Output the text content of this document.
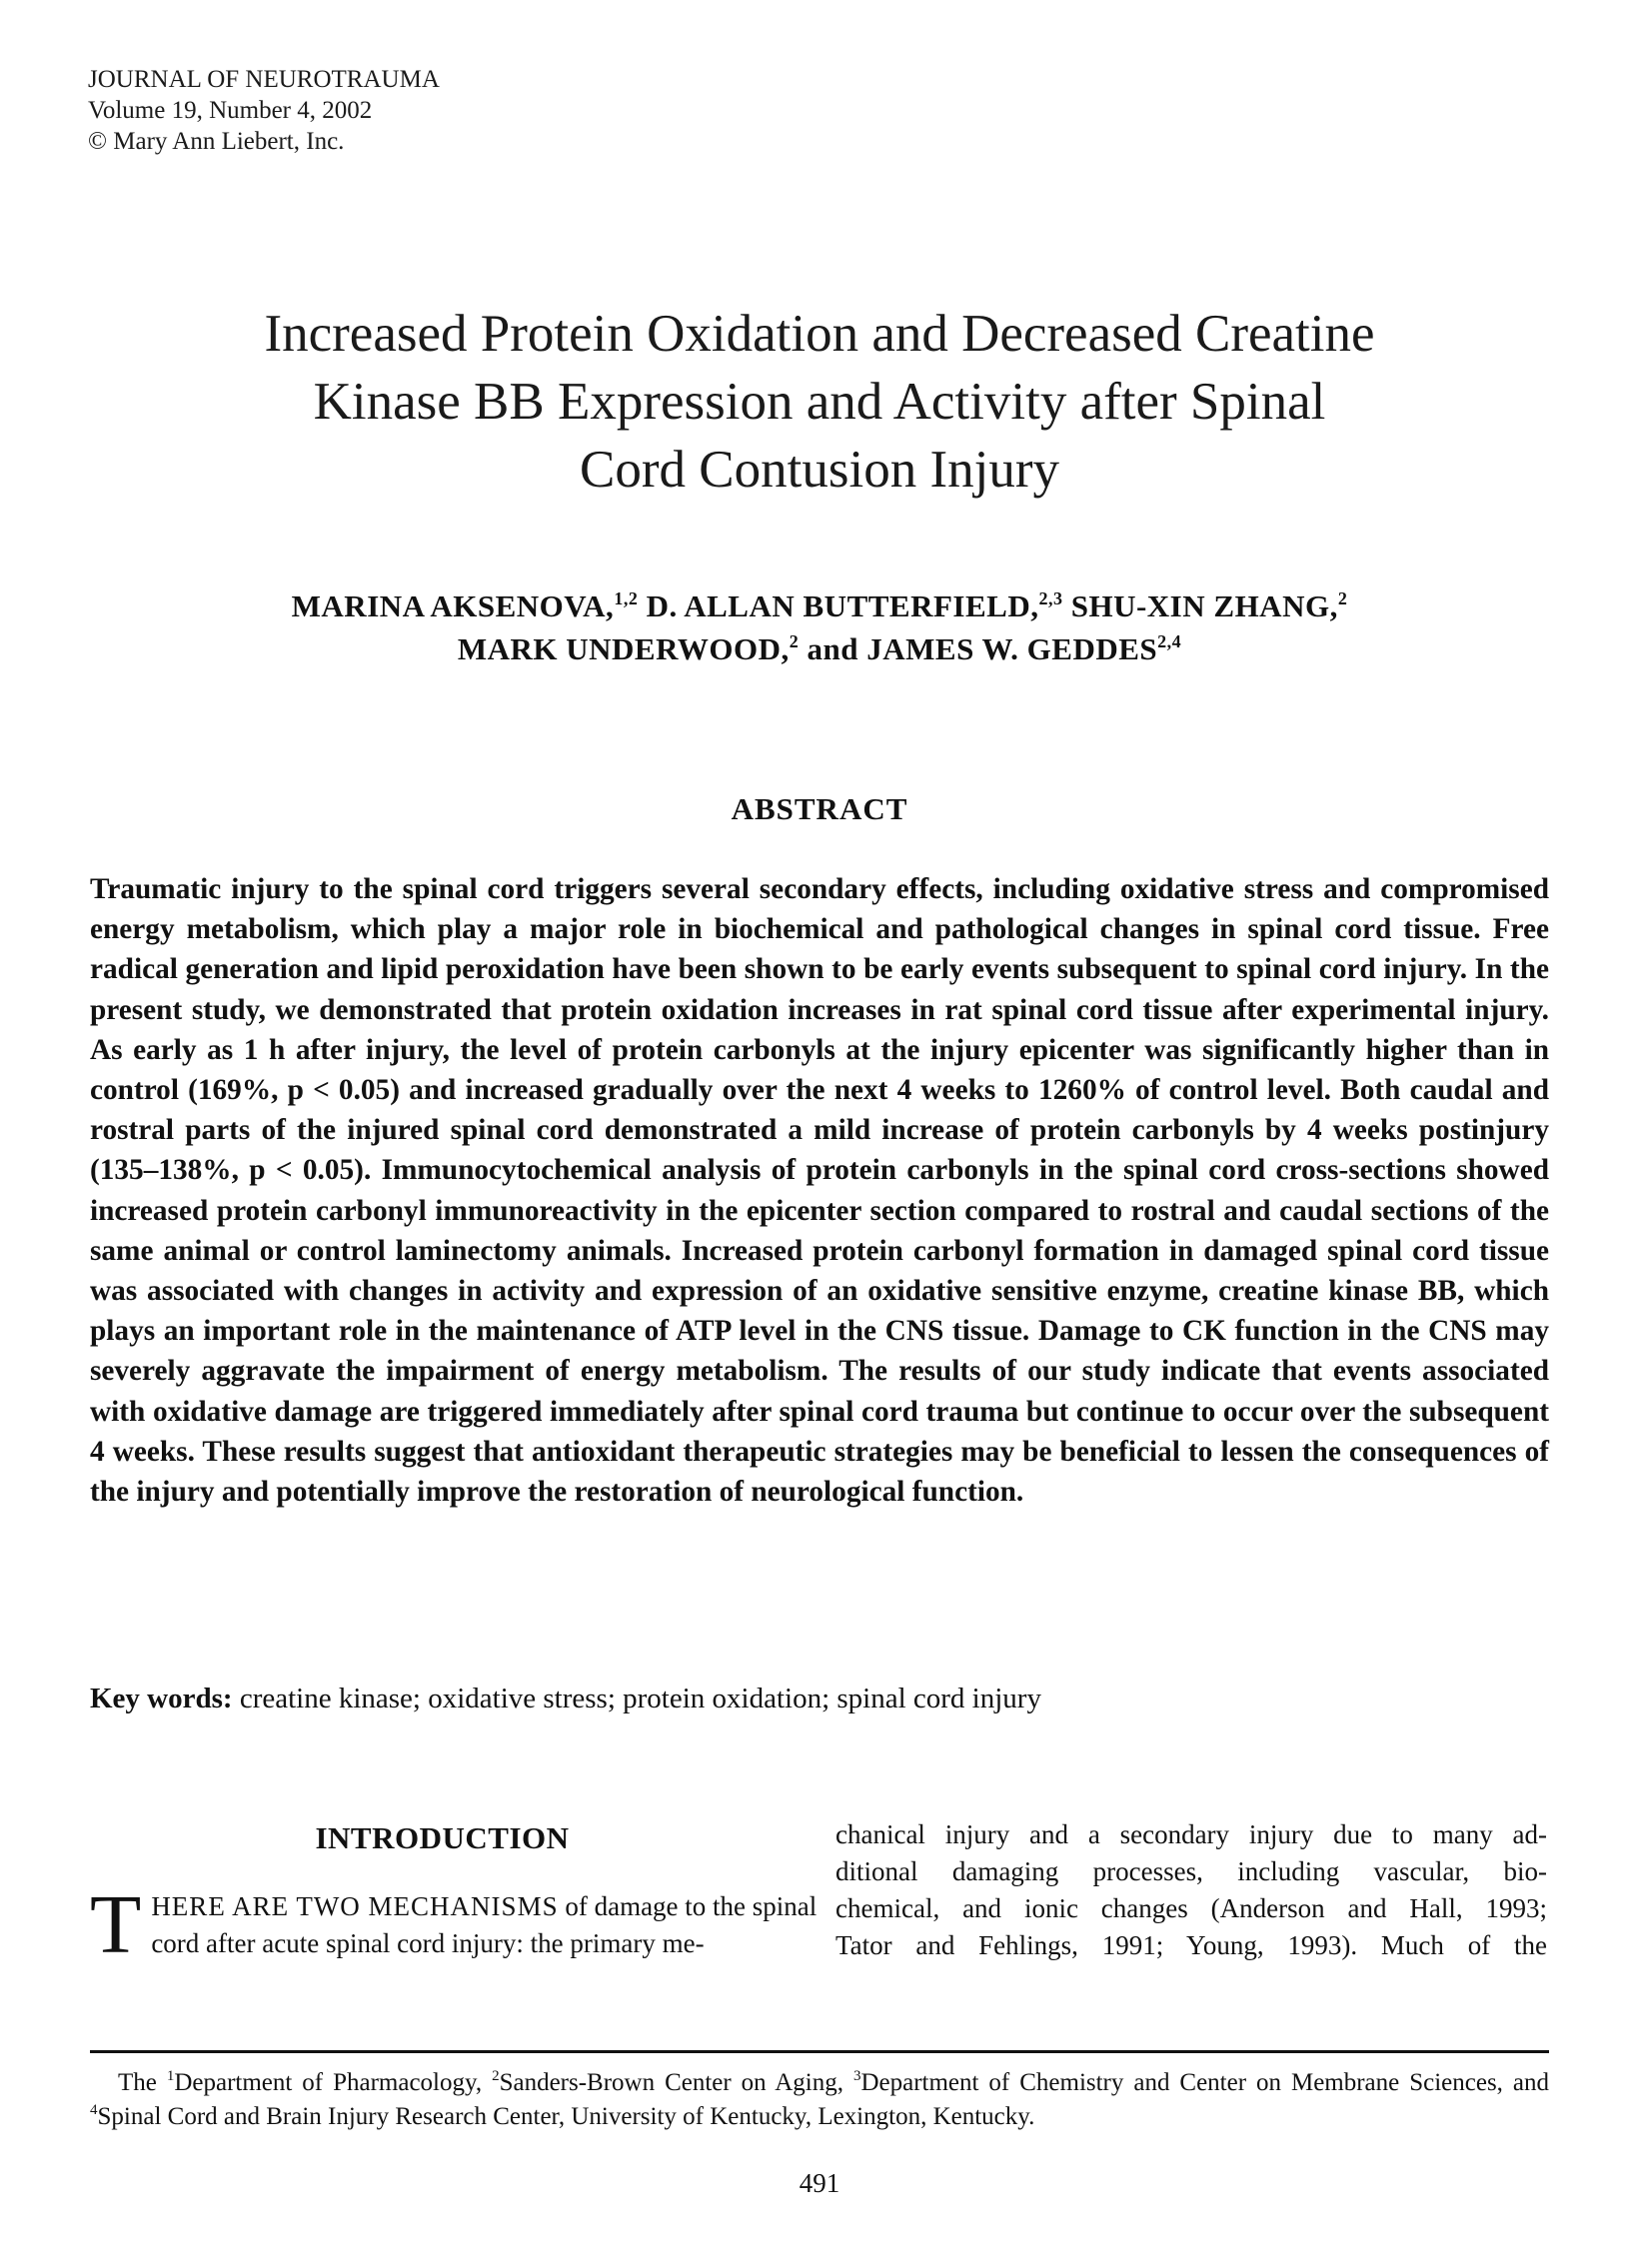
JOURNAL OF NEUROTRAUMA
Volume 19, Number 4, 2002
© Mary Ann Liebert, Inc.
Increased Protein Oxidation and Decreased Creatine
Kinase BB Expression and Activity after Spinal
Cord Contusion Injury
MARINA AKSENOVA,$^{1,2}$ D. ALLAN BUTTERFIELD,$^{2,3}$ SHU-XIN ZHANG,$^2$
MARK UNDERWOOD,$^2$ and JAMES W. GEDDES$^{2,4}$
ABSTRACT
Traumatic injury to the spinal cord triggers several secondary effects, including oxidative stress and compromised energy metabolism, which play a major role in biochemical and pathological changes in spinal cord tissue. Free radical generation and lipid peroxidation have been shown to be early events subsequent to spinal cord injury. In the present study, we demonstrated that protein oxidation increases in rat spinal cord tissue after experimental injury. As early as 1 h after injury, the level of protein carbonyls at the injury epicenter was significantly higher than in control (169%, p < 0.05) and increased gradually over the next 4 weeks to 1260% of control level. Both caudal and rostral parts of the injured spinal cord demonstrated a mild increase of protein carbonyls by 4 weeks postinjury (135–138%, p < 0.05). Immunocytochemical analysis of protein carbonyls in the spinal cord cross-sections showed increased protein carbonyl immunoreactivity in the epicenter section compared to rostral and caudal sections of the same animal or control laminectomy animals. Increased protein carbonyl formation in damaged spinal cord tissue was associated with changes in activity and expression of an oxidative sensitive enzyme, creatine kinase BB, which plays an important role in the maintenance of ATP level in the CNS tissue. Damage to CK function in the CNS may severely aggravate the impairment of energy metabolism. The results of our study indicate that events associated with oxidative damage are triggered immediately after spinal cord trauma but continue to occur over the subsequent 4 weeks. These results suggest that antioxidant therapeutic strategies may be beneficial to lessen the consequences of the injury and potentially improve the restoration of neurological function.
Key words: creatine kinase; oxidative stress; protein oxidation; spinal cord injury
INTRODUCTION
T HERE ARE TWO MECHANISMS of damage to the spinal
cord after acute spinal cord injury: the primary me-
chanical injury and a secondary injury due to many ad-
ditional damaging processes, including vascular, bio-
chemical, and ionic changes (Anderson and Hall, 1993;
Tator and Fehlings, 1991; Young, 1993). Much of the
The $^1$Department of Pharmacology, $^2$Sanders-Brown Center on Aging, $^3$Department of Chemistry and Center on Membrane Sciences, and $^4$Spinal Cord and Brain Injury Research Center, University of Kentucky, Lexington, Kentucky.
491
